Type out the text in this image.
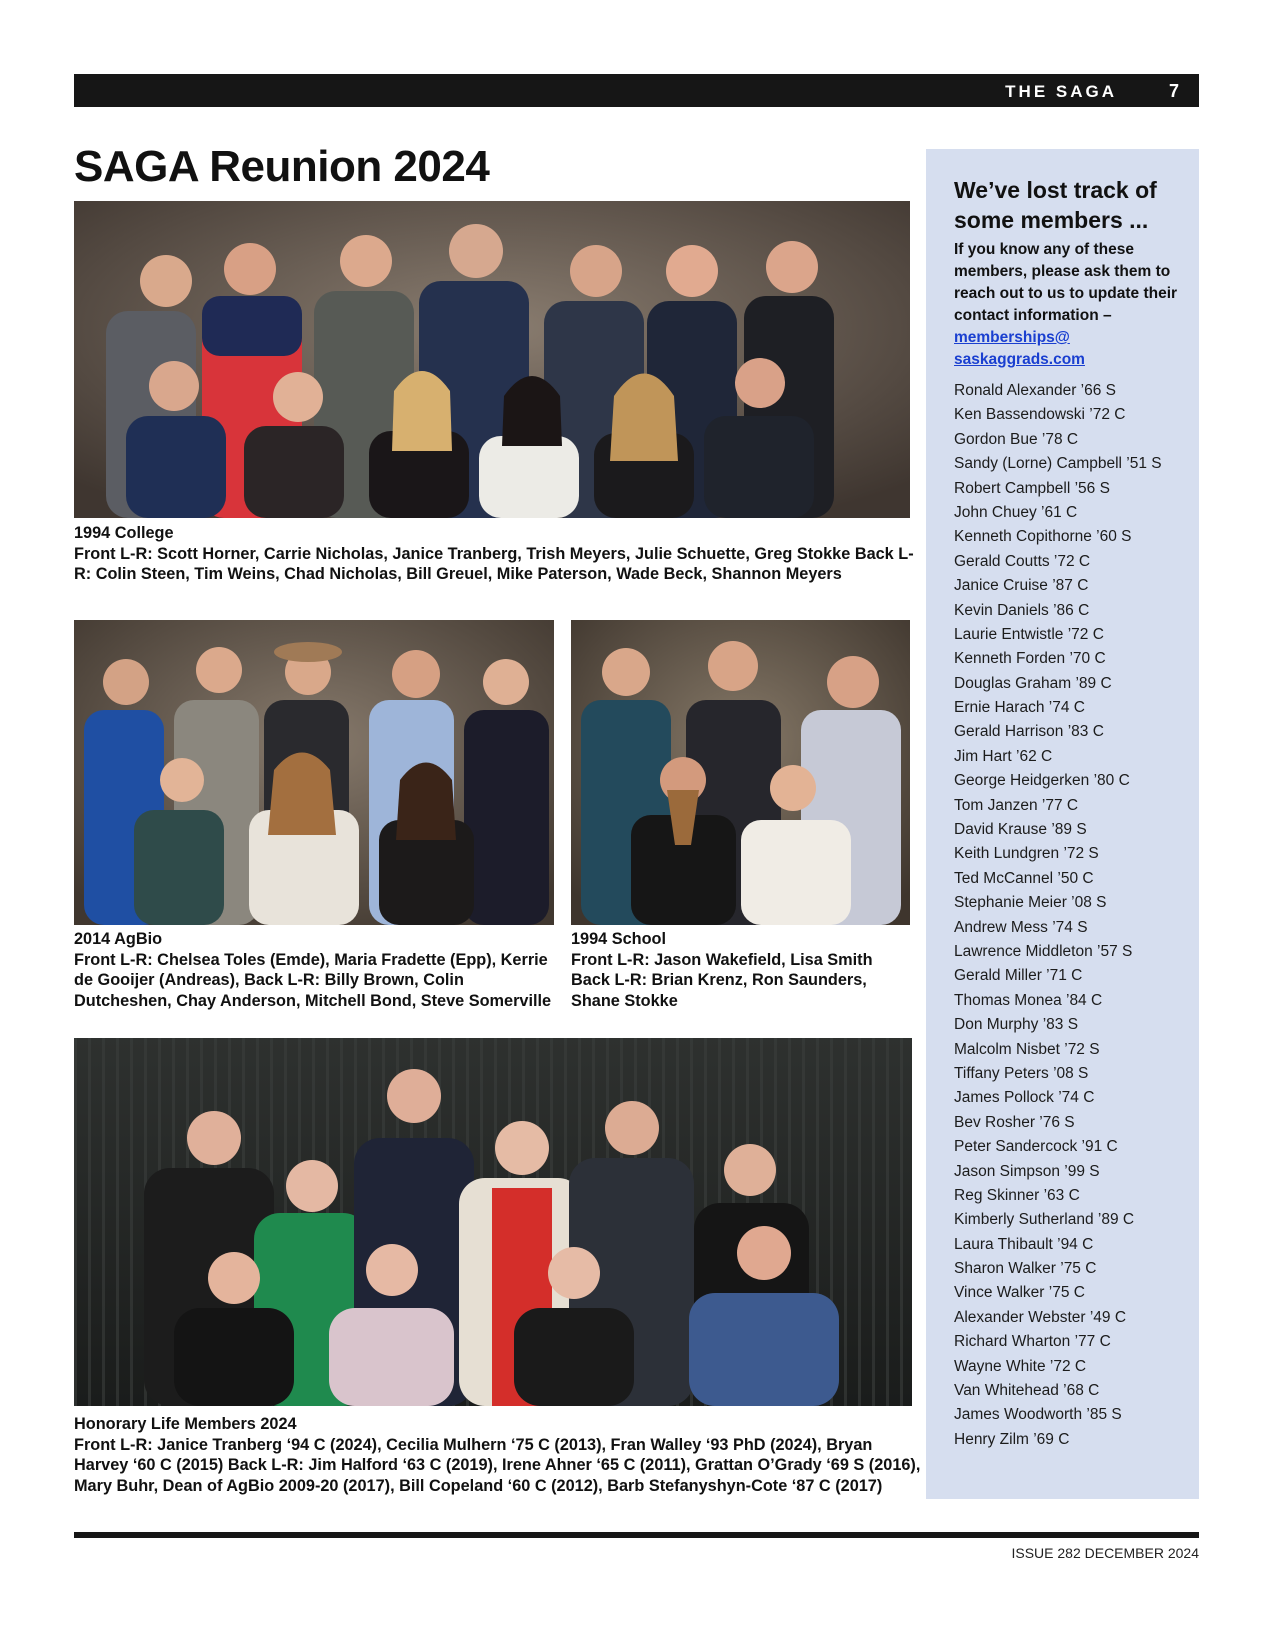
THE SAGA	7
SAGA Reunion 2024

1994 College
Front L-R: Scott Horner, Carrie Nicholas, Janice Tranberg, Trish Meyers, Julie Schuette, Greg Stokke Back L-R: Colin Steen, Tim Weins, Chad Nicholas, Bill Greuel, Mike Paterson, Wade Beck, Shannon Meyers

2014 AgBio
Front L-R: Chelsea Toles (Emde), Maria Fradette (Epp), Kerrie de Gooijer (Andreas), Back L-R: Billy Brown, Colin Dutcheshen, Chay Anderson, Mitchell Bond, Steve Somerville

1994 School
Front L-R: Jason Wakefield, Lisa Smith Back L-R: Brian Krenz, Ron Saunders, Shane Stokke

Honorary Life Members 2024
Front L-R: Janice Tranberg ‘94 C (2024), Cecilia Mulhern ‘75 C (2013), Fran Walley ‘93 PhD (2024), Bryan Harvey ‘60 C (2015) Back L-R: Jim Halford ‘63 C (2019), Irene Ahner ‘65 C (2011), Grattan O’Grady ‘69 S (2016), Mary Buhr, Dean of AgBio 2009-20 (2017), Bill Copeland ‘60 C (2012), Barb Stefanyshyn-Cote ‘87 C (2017)

We’ve lost track of some members ...

If you know any of these members, please ask them to reach out to us to update their contact information – memberships@ saskaggrads.com

Ronald Alexander ’66 S
Ken Bassendowski ’72 C
Gordon Bue ’78 C
Sandy (Lorne) Campbell ’51 S
Robert Campbell ’56 S
John Chuey ’61 C
Kenneth Copithorne ’60 S
Gerald Coutts ’72 C
Janice Cruise ’87 C
Kevin Daniels ’86 C
Laurie Entwistle ’72 C
Kenneth Forden ’70 C
Douglas Graham ’89 C
Ernie Harach ’74 C
Gerald Harrison ’83 C
Jim Hart ’62 C
George Heidgerken ’80 C
Tom Janzen ’77 C
David Krause ’89 S
Keith Lundgren ’72 S
Ted McCannel ’50 C
Stephanie Meier ’08 S
Andrew Mess ’74 S
Lawrence Middleton ’57 S
Gerald Miller ’71 C
Thomas Monea ’84 C
Don Murphy ’83 S
Malcolm Nisbet ’72 S
Tiffany Peters ’08 S
James Pollock ’74 C
Bev Rosher ’76 S
Peter Sandercock ’91 C
Jason Simpson ’99 S
Reg Skinner ’63 C
Kimberly Sutherland ’89 C
Laura Thibault ’94 C
Sharon Walker ’75 C
Vince Walker ’75 C
Alexander Webster ’49 C
Richard Wharton ’77 C
Wayne White ’72 C
Van Whitehead ’68 C
James Woodworth ’85 S
Henry Zilm ’69 C
ISSUE 282 DECEMBER 2024
